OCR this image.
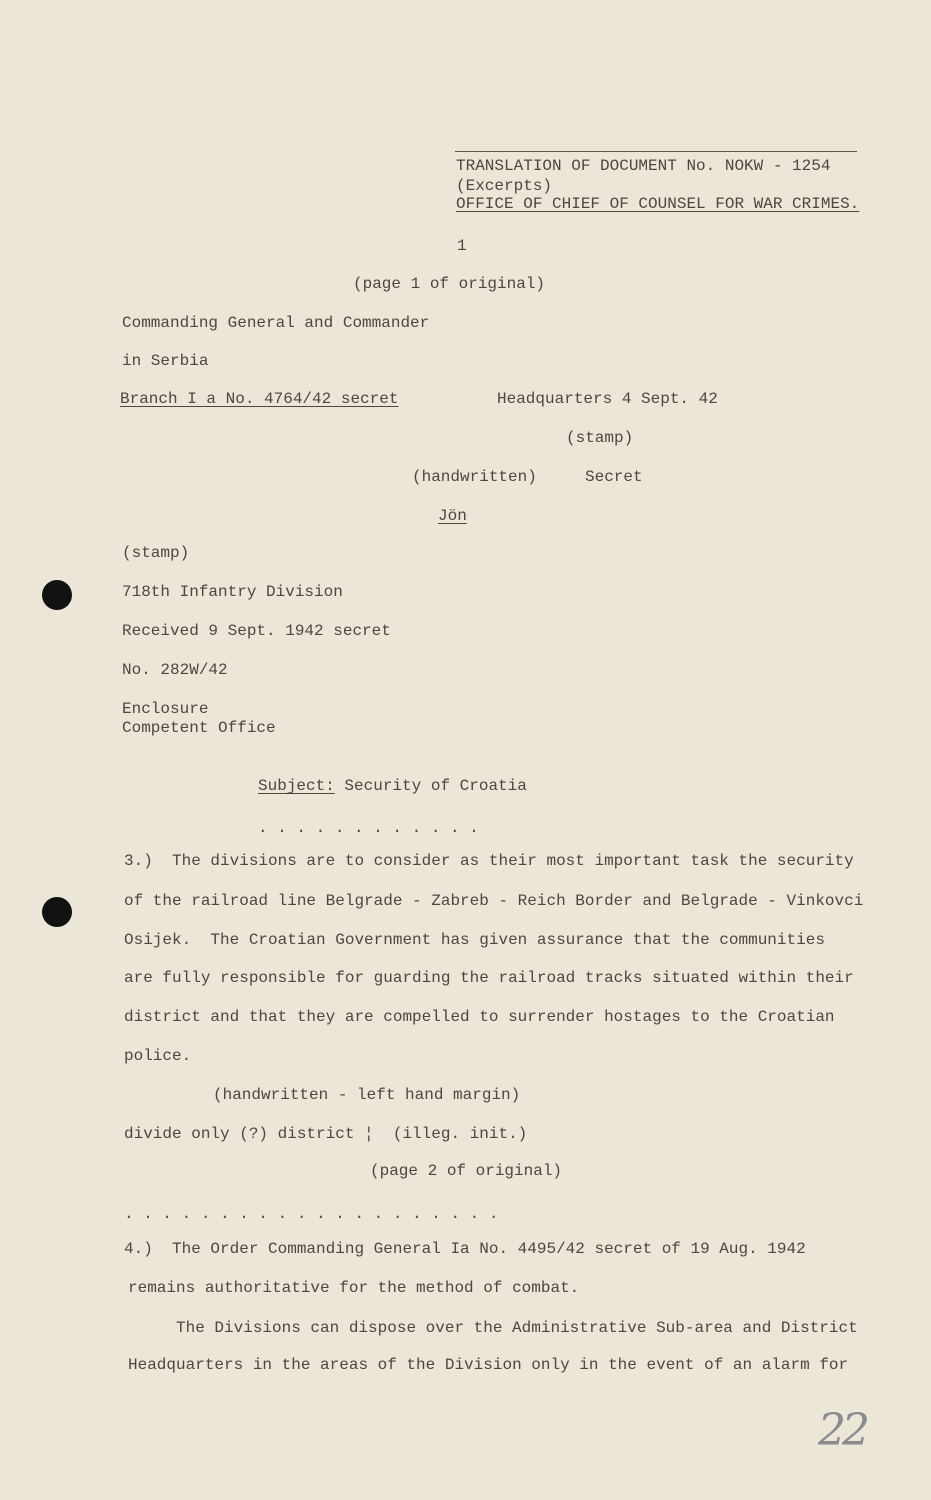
TRANSLATION OF DOCUMENT No. NOKW - 1254
(Excerpts)
OFFICE OF CHIEF OF COUNSEL FOR WAR CRIMES.
1
(page 1 of original)
Commanding General and Commander
in Serbia
Branch I a No. 4764/42 secret	Headquarters 4 Sept. 42
(stamp)
(handwritten)	Secret
Jön
(stamp)
718th Infantry Division
Received 9 Sept. 1942 secret
No. 282W/42
Enclosure
Competent Office
Subject: Security of Croatia
. . . . . . . . . . . .
3.)  The divisions are to consider as their most important task the security
of the railroad line Belgrade - Zabreb - Reich Border and Belgrade - Vinkovci
Osijek.  The Croatian Government has given assurance that the communities
are fully responsible for guarding the railroad tracks situated within their
district and that they are compelled to surrender hostages to the Croatian
police.
(handwritten - left hand margin)
divide only (?) district ¦  (illeg. init.)
(page 2 of original)
. . . . . . . . . . . . . . . . . . . .
4.)  The Order Commanding General Ia No. 4495/42 secret of 19 Aug. 1942
remains authoritative for the method of combat.
The Divisions can dispose over the Administrative Sub-area and District
Headquarters in the areas of the Division only in the event of an alarm for
22
